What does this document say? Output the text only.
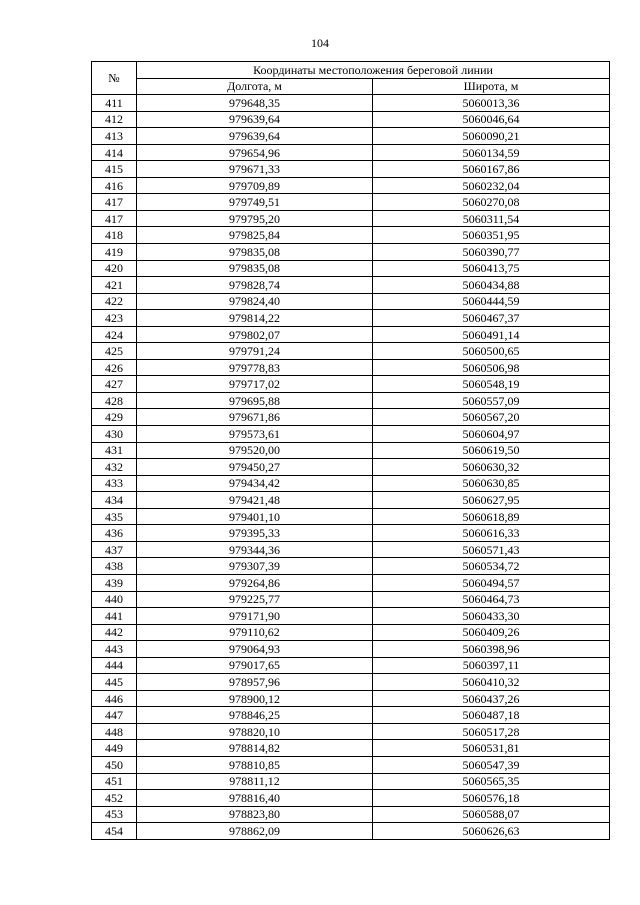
104
№	Координаты местоположения береговой линии	
	Долгота, м	Широта, м
411	979648,35	5060013,36
412	979639,64	5060046,64
413	979639,64	5060090,21
414	979654,96	5060134,59
415	979671,33	5060167,86
416	979709,89	5060232,04
417	979749,51	5060270,08
417	979795,20	5060311,54
418	979825,84	5060351,95
419	979835,08	5060390,77
420	979835,08	5060413,75
421	979828,74	5060434,88
422	979824,40	5060444,59
423	979814,22	5060467,37
424	979802,07	5060491,14
425	979791,24	5060500,65
426	979778,83	5060506,98
427	979717,02	5060548,19
428	979695,88	5060557,09
429	979671,86	5060567,20
430	979573,61	5060604,97
431	979520,00	5060619,50
432	979450,27	5060630,32
433	979434,42	5060630,85
434	979421,48	5060627,95
435	979401,10	5060618,89
436	979395,33	5060616,33
437	979344,36	5060571,43
438	979307,39	5060534,72
439	979264,86	5060494,57
440	979225,77	5060464,73
441	979171,90	5060433,30
442	979110,62	5060409,26
443	979064,93	5060398,96
444	979017,65	5060397,11
445	978957,96	5060410,32
446	978900,12	5060437,26
447	978846,25	5060487,18
448	978820,10	5060517,28
449	978814,82	5060531,81
450	978810,85	5060547,39
451	978811,12	5060565,35
452	978816,40	5060576,18
453	978823,80	5060588,07
454	978862,09	5060626,63
